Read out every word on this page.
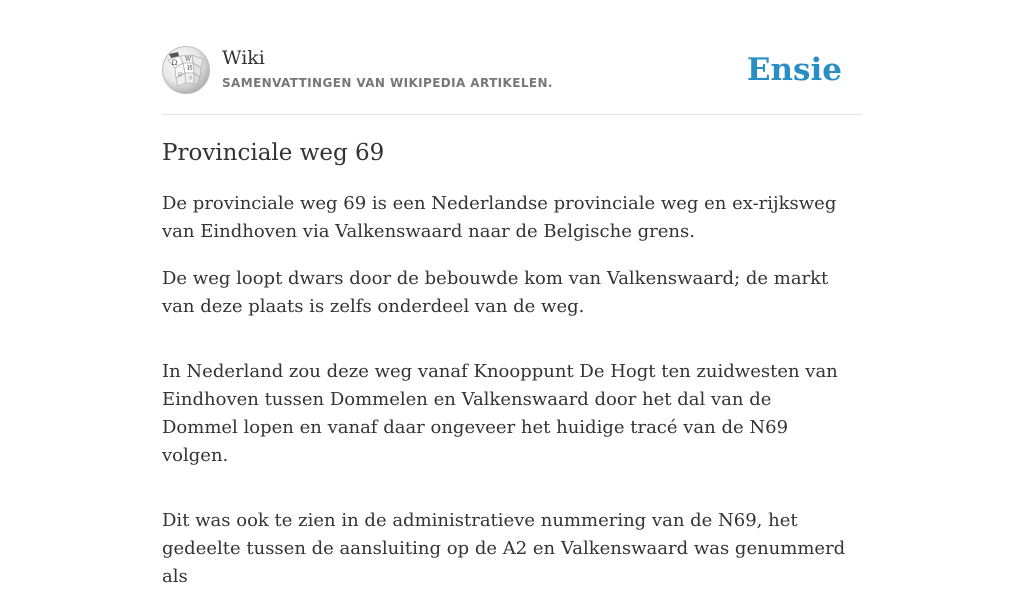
Ω W
И
ש
ウ
Wiki
SAMENVATTINGEN VAN WIKIPEDIA ARTIKELEN.	Ensie
Provinciale weg 69

De provinciale weg 69 is een Nederlandse provinciale weg en ex-rijksweg van Eindhoven via Valkenswaard naar de Belgische grens.

De weg loopt dwars door de bebouwde kom van Valkenswaard; de markt van deze plaats is zelfs onderdeel van de weg.

In Nederland zou deze weg vanaf Knooppunt De Hogt ten zuidwesten van Eindhoven tussen Dommelen en Valkenswaard door het dal van de Dommel lopen en vanaf daar ongeveer het huidige tracé van de N69 volgen.

Dit was ook te zien in de administratieve nummering van de N69, het gedeelte tussen de aansluiting op de A2 en Valkenswaard was genummerd als
